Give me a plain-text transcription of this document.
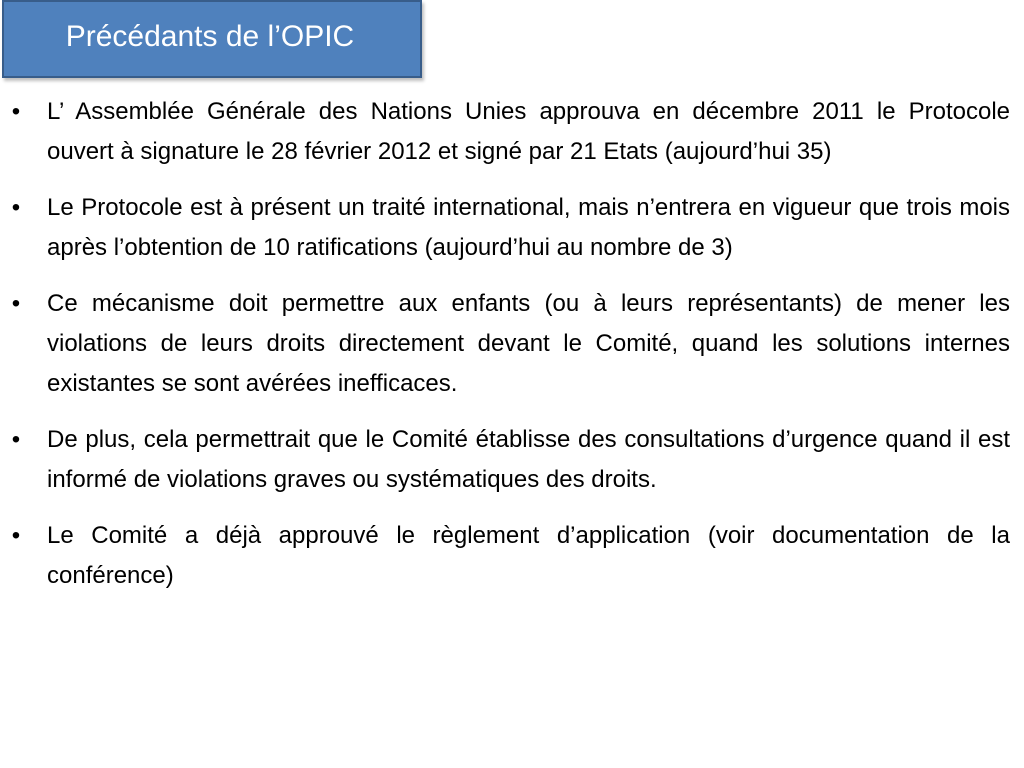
Précédants de l’OPIC
• L’ Assemblée Générale des Nations Unies approuva en décembre 2011 le Protocole ouvert à signature le 28 février 2012 et signé par 21 Etats (aujourd’hui 35)
• Le Protocole est à présent un traité international, mais n’entrera en vigueur que trois mois après l’obtention de 10 ratifications (aujourd’hui au nombre de 3)
• Ce mécanisme doit permettre aux enfants (ou à leurs représentants) de mener les violations de leurs droits directement devant le Comité, quand les solutions internes existantes se sont avérées inefficaces.
• De plus, cela permettrait que le Comité établisse des consultations d’urgence quand il est informé de violations graves ou systématiques des droits.
• Le Comité a déjà approuvé le règlement d’application (voir documentation de la conférence)
